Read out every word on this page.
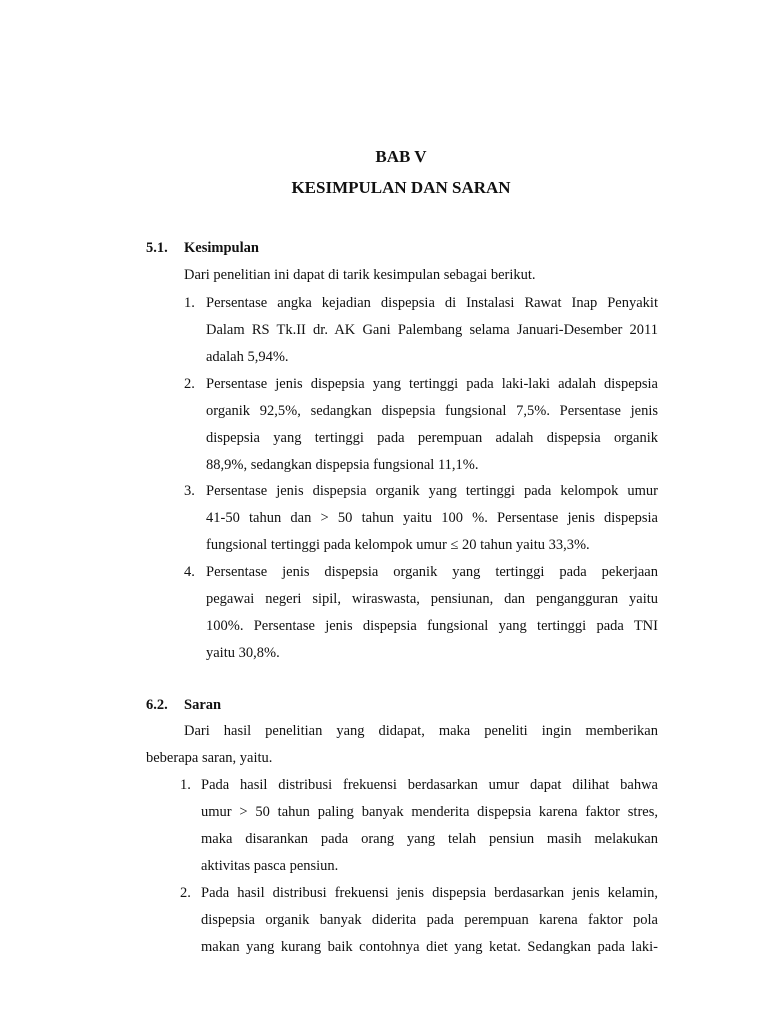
BAB V
KESIMPULAN DAN SARAN
5.1. Kesimpulan
Dari penelitian ini dapat di tarik kesimpulan sebagai berikut.
1. Persentase angka kejadian dispepsia di Instalasi Rawat Inap Penyakit
Dalam RS Tk.II dr. AK Gani Palembang selama Januari-Desember 2011
adalah 5,94%.
2. Persentase jenis dispepsia yang tertinggi pada laki-laki adalah dispepsia
organik 92,5%, sedangkan dispepsia fungsional 7,5%. Persentase jenis
dispepsia yang tertinggi pada perempuan adalah dispepsia organik
88,9%, sedangkan dispepsia fungsional 11,1%.
3. Persentase jenis dispepsia organik yang tertinggi pada kelompok umur
41-50 tahun dan > 50 tahun yaitu 100 %. Persentase jenis dispepsia
fungsional tertinggi pada kelompok umur ≤ 20 tahun yaitu 33,3%.
4. Persentase jenis dispepsia organik yang tertinggi pada pekerjaan
pegawai negeri sipil, wiraswasta, pensiunan, dan pengangguran yaitu
100%. Persentase jenis dispepsia fungsional yang tertinggi pada TNI
yaitu 30,8%.
6.2. Saran
Dari hasil penelitian yang didapat, maka peneliti ingin memberikan
beberapa saran, yaitu.
1. Pada hasil distribusi frekuensi berdasarkan umur dapat dilihat bahwa
umur > 50 tahun paling banyak menderita dispepsia karena faktor stres,
maka disarankan pada orang yang telah pensiun masih melakukan
aktivitas pasca pensiun.
2. Pada hasil distribusi frekuensi jenis dispepsia berdasarkan jenis kelamin,
dispepsia organik banyak diderita pada perempuan karena faktor pola
makan yang kurang baik contohnya diet yang ketat. Sedangkan pada laki-
